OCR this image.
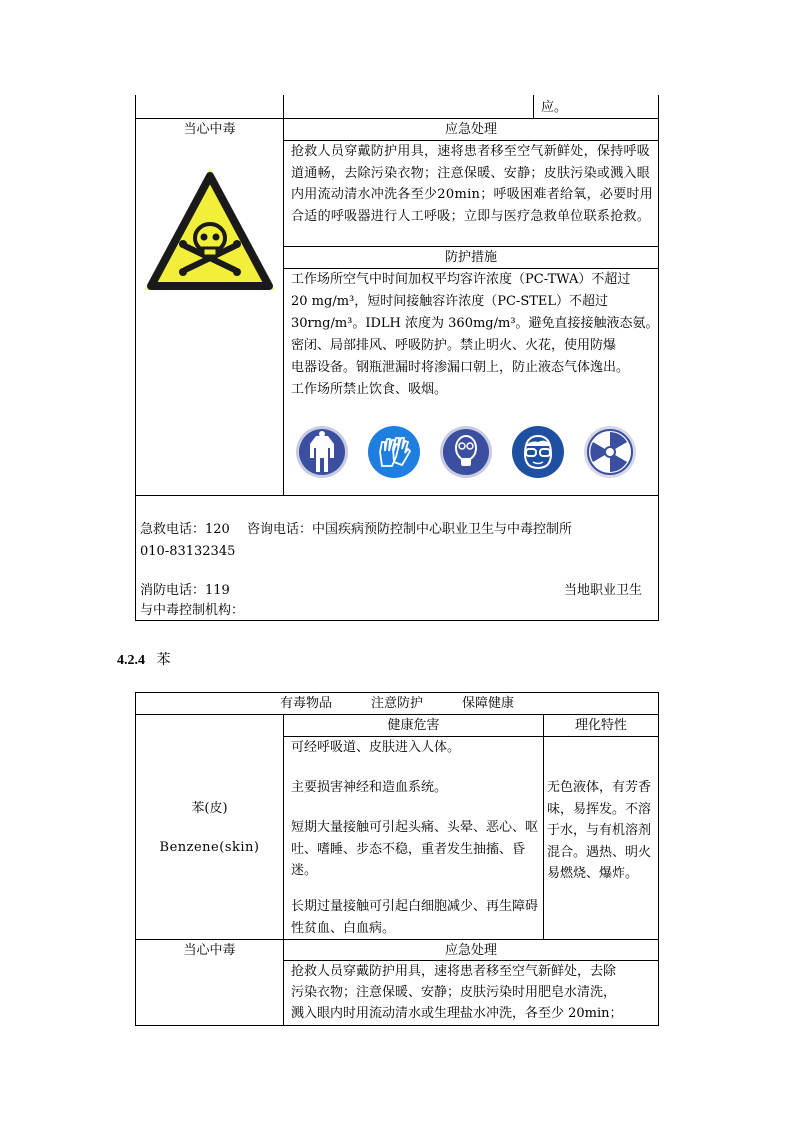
应。
当心中毒	应急处理
抢救人员穿戴防护用具，速将患者移至空气新鲜处，保持呼吸道通畅，去除污染衣物；注意保暖、安静；皮肤污染或溅入眼内用流动清水冲洗各至少20min；呼吸困难者给氧，必要时用合适的呼吸器进行人工呼吸；立即与医疗急救单位联系抢救。
防护措施
工作场所空气中时间加权平均容许浓度（PC-TWA）不超过
20 mg/m³，短时间接触容许浓度（PC-STEL）不超过
30rng/m³。IDLH 浓度为 360mg/m³。避免直接接触液态氨。
密闭、局部排风、呼吸防护。禁止明火、火花，使用防爆
电器设备。钢瓶泄漏时将渗漏口朝上，防止液态气体逸出。
工作场所禁止饮食、吸烟。
急救电话：120　 咨询电话：中国疾病预防控制中心职业卫生与中毒控制所
010-83132345
消防电话：119	当地职业卫生
与中毒控制机构：
4.2.4 苯
有毒物品　　　注意防护　　　保障健康
健康危害	理化特性
苯(皮)
Benzene(skin)
可经呼吸道、皮肤进入人体。
主要损害神经和造血系统。
短期大量接触可引起头痛、头晕、恶心、呕吐、嗜睡、步态不稳，重者发生抽搐、昏迷。
长期过量接触可引起白细胞减少、再生障碍性贫血、白血病。
无色液体，有芳香味，易挥发。不溶于水，与有机溶剂混合。遇热、明火易燃烧、爆炸。
当心中毒	应急处理
抢救人员穿戴防护用具，速将患者移至空气新鲜处，去除
污染衣物；注意保暖、安静；皮肤污染时用肥皂水清洗，
溅入眼内时用流动清水或生理盐水冲洗，各至少 20min；
